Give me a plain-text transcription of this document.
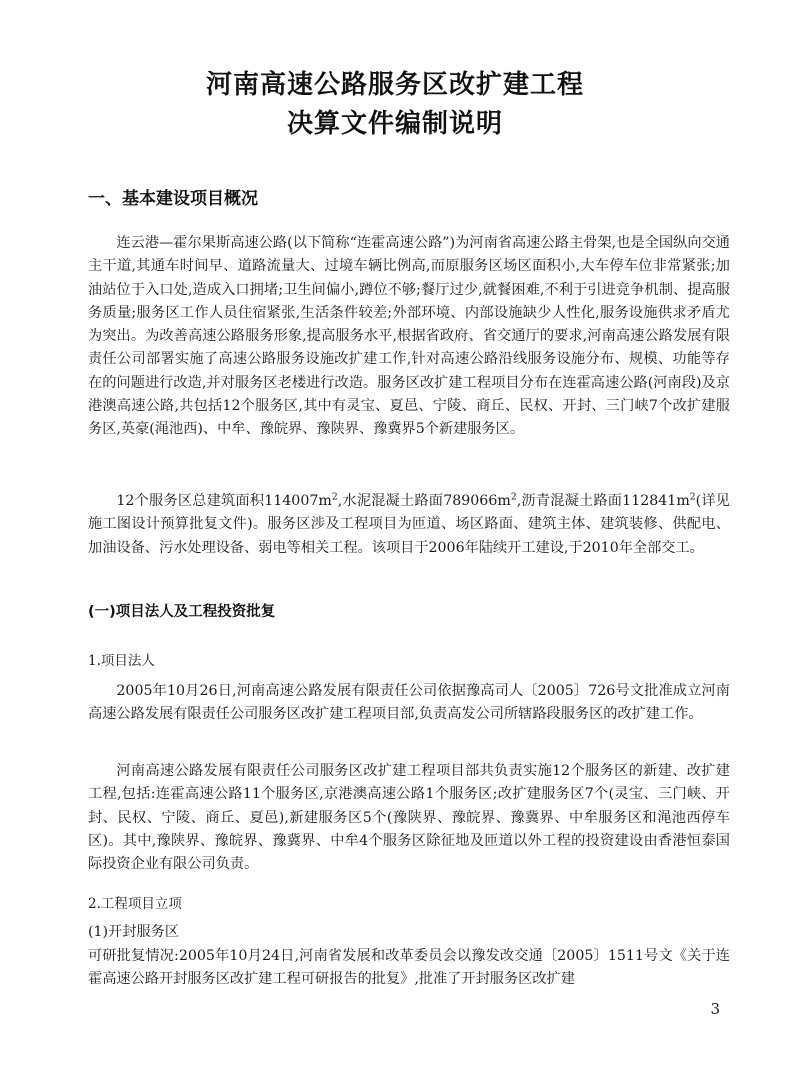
河南高速公路服务区改扩建工程
决算文件编制说明
一、基本建设项目概况
连云港—霍尔果斯高速公路(以下简称“连霍高速公路”)为河南省高速公路主骨架,也是全国纵向交通主干道,其通车时间早、道路流量大、过境车辆比例高,而原服务区场区面积小,大车停车位非常紧张;加油站位于入口处,造成入口拥堵;卫生间偏小,蹲位不够;餐厅过少,就餐困难,不利于引进竞争机制、提高服务质量;服务区工作人员住宿紧张,生活条件较差;外部环境、内部设施缺少人性化,服务设施供求矛盾尤为突出。为改善高速公路服务形象,提高服务水平,根据省政府、省交通厅的要求,河南高速公路发展有限责任公司部署实施了高速公路服务设施改扩建工作,针对高速公路沿线服务设施分布、规模、功能等存在的问题进行改造,并对服务区老楼进行改造。服务区改扩建工程项目分布在连霍高速公路(河南段)及京港澳高速公路,共包括12个服务区,其中有灵宝、夏邑、宁陵、商丘、民权、开封、三门峡7个改扩建服务区,英豪(渑池西)、中牟、豫皖界、豫陕界、豫冀界5个新建服务区。
12个服务区总建筑面积$114007m^2$,水泥混凝土路面$789066m^2$,沥青混凝土路面$112841m^2$(详见施工图设计预算批复文件)。服务区涉及工程项目为匝道、场区路面、建筑主体、建筑装修、供配电、加油设备、污水处理设备、弱电等相关工程。该项目于2006年陆续开工建设,于2010年全部交工。
(一)项目法人及工程投资批复
1.项目法人
2005年10月26日,河南高速公路发展有限责任公司依据豫高司人〔2005〕726号文批准成立河南高速公路发展有限责任公司服务区改扩建工程项目部,负责高发公司所辖路段服务区的改扩建工作。
河南高速公路发展有限责任公司服务区改扩建工程项目部共负责实施12个服务区的新建、改扩建工程,包括:连霍高速公路11个服务区,京港澳高速公路1个服务区;改扩建服务区7个(灵宝、三门峡、开封、民权、宁陵、商丘、夏邑),新建服务区5个(豫陕界、豫皖界、豫冀界、中牟服务区和渑池西停车区)。其中,豫陕界、豫皖界、豫冀界、中牟4个服务区除征地及匝道以外工程的投资建设由香港恒泰国际投资企业有限公司负责。
2.工程项目立项
(1)开封服务区
可研批复情况:2005年10月24日,河南省发展和改革委员会以豫发改交通〔2005〕1511号文《关于连霍高速公路开封服务区改扩建工程可研报告的批复》,批准了开封服务区改扩建
3
